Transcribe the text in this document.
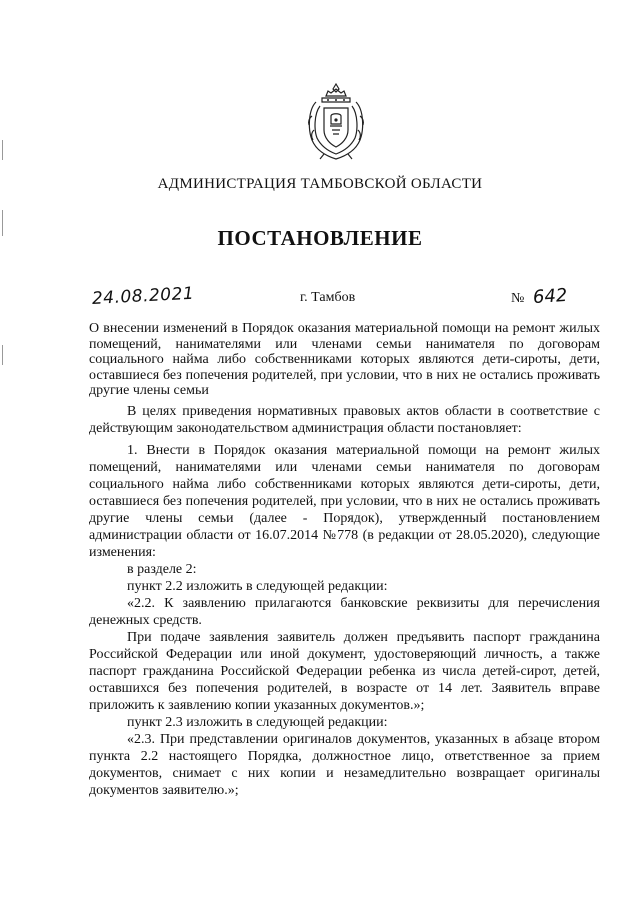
АДМИНИСТРАЦИЯ ТАМБОВСКОЙ ОБЛАСТИ
ПОСТАНОВЛЕНИЕ
24.08.2021	г. Тамбов	№ 642
О внесении изменений в Порядок оказания материальной помощи на ремонт жилых помещений, нанимателями или членами семьи нанимателя по договорам социального найма либо собственниками которых являются дети-сироты, дети, оставшиеся без попечения родителей, при условии, что в них не остались проживать другие члены семьи

В целях приведения нормативных правовых актов области в соответствие с действующим законодательством администрация области постановляет:

1. Внести в Порядок оказания материальной помощи на ремонт жилых помещений, нанимателями или членами семьи нанимателя по договорам социального найма либо собственниками которых являются дети-сироты, дети, оставшиеся без попечения родителей, при условии, что в них не остались проживать другие члены семьи (далее - Порядок), утвержденный постановлением администрации области от 16.07.2014 №778 (в редакции от 28.05.2020), следующие изменения:

в разделе 2:

пункт 2.2 изложить в следующей редакции:

«2.2. К заявлению прилагаются банковские реквизиты для перечисления денежных средств.

При подаче заявления заявитель должен предъявить паспорт гражданина Российской Федерации или иной документ, удостоверяющий личность, а также паспорт гражданина Российской Федерации ребенка из числа детей-сирот, детей, оставшихся без попечения родителей, в возрасте от 14 лет. Заявитель вправе приложить к заявлению копии указанных документов.»;

пункт 2.3 изложить в следующей редакции:

«2.3. При представлении оригиналов документов, указанных в абзаце втором пункта 2.2 настоящего Порядка, должностное лицо, ответственное за прием документов, снимает с них копии и незамедлительно возвращает оригиналы документов заявителю.»;
